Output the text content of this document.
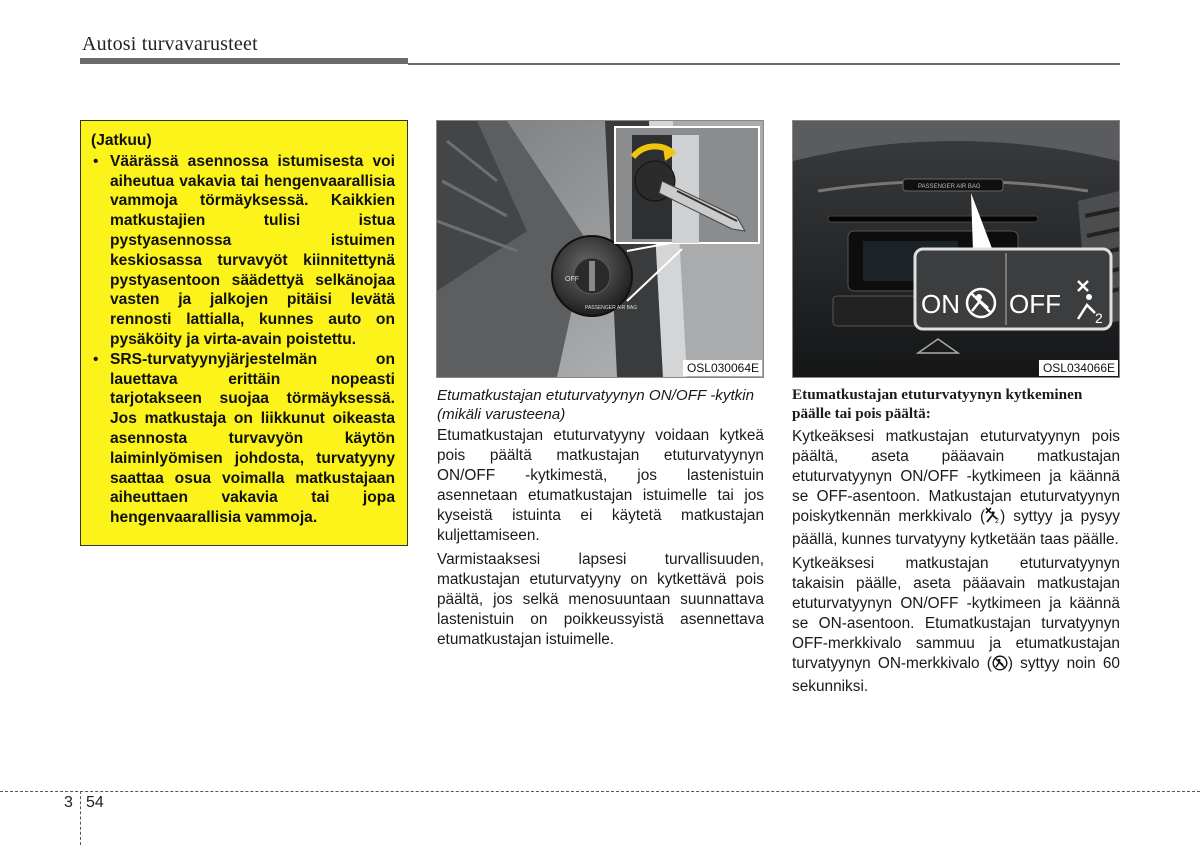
Autosi turvavarusteet
(Jatkuu)
• Väärässä asennossa istumisesta voi aiheutua vakavia tai hengenvaarallisia vammoja törmäyksessä. Kaikkien matkustajien tulisi istua pystyasennossa istuimen keskiosassa turvavyöt kiinnitettynä pystyasentoon säädettyä selkänojaa vasten ja jalkojen pitäisi levätä rennosti lattialla, kunnes auto on pysäköity ja virta-avain poistettu.
• SRS-turvatyynyjärjestelmän on lauettava erittäin nopeasti tarjotakseen suojaa törmäyksessä. Jos matkustaja on liikkunut oikeasta asennosta turvavyön käytön laiminlyömisen johdosta, turvatyyny saattaa osua voimalla matkustajaan aiheuttaen vakavia tai jopa hengenvaarallisia vammoja.
OFF
PASSENGER AIR BAG
OSL030064E
PASSENGER AIR BAG
ON OFF 2
OSL034066E

Etumatkustajan etuturvatyynyn ON/OFF -kytkin (mikäli varusteena)

Etumatkustajan etuturvatyyny voidaan kytkeä pois päältä matkustajan etuturvatyynyn ON/OFF -kytkimestä, jos lastenistuin asennetaan etumatkustajan istuimelle tai jos kyseistä istuinta ei käytetä matkustajan kuljettamiseen.

Varmistaaksesi lapsesi turvallisuuden, matkustajan etuturvatyyny on kytkettävä pois päältä, jos selkä menosuuntaan suunnattava lastenistuin on poikkeussyistä asennettava etumatkustajan istuimelle.

Etumatkustajan etuturvatyynyn kytkeminen päälle tai pois päältä:

Kytkeäksesi matkustajan etuturvatyynyn pois päältä, aseta pääavain matkustajan etuturvatyynyn ON/OFF -kytkimeen ja käännä se OFF-asentoon. Matkustajan etuturvatyynyn poiskytkennän merkkivalo ( 2 ) syttyy ja pysyy päällä, kunnes turvatyyny kytketään taas päälle.

Kytkeäksesi matkustajan etuturvatyynyn takaisin päälle, aseta pääavain matkustajan etuturvatyynyn ON/OFF -kytkimeen ja käännä se ON-asentoon. Etumatkustajan turvatyynyn OFF-merkkivalo sammuu ja etumatkustajan turvatyynyn ON-merkkivalo ( ) syttyy noin 60 sekunniksi.

3 54
